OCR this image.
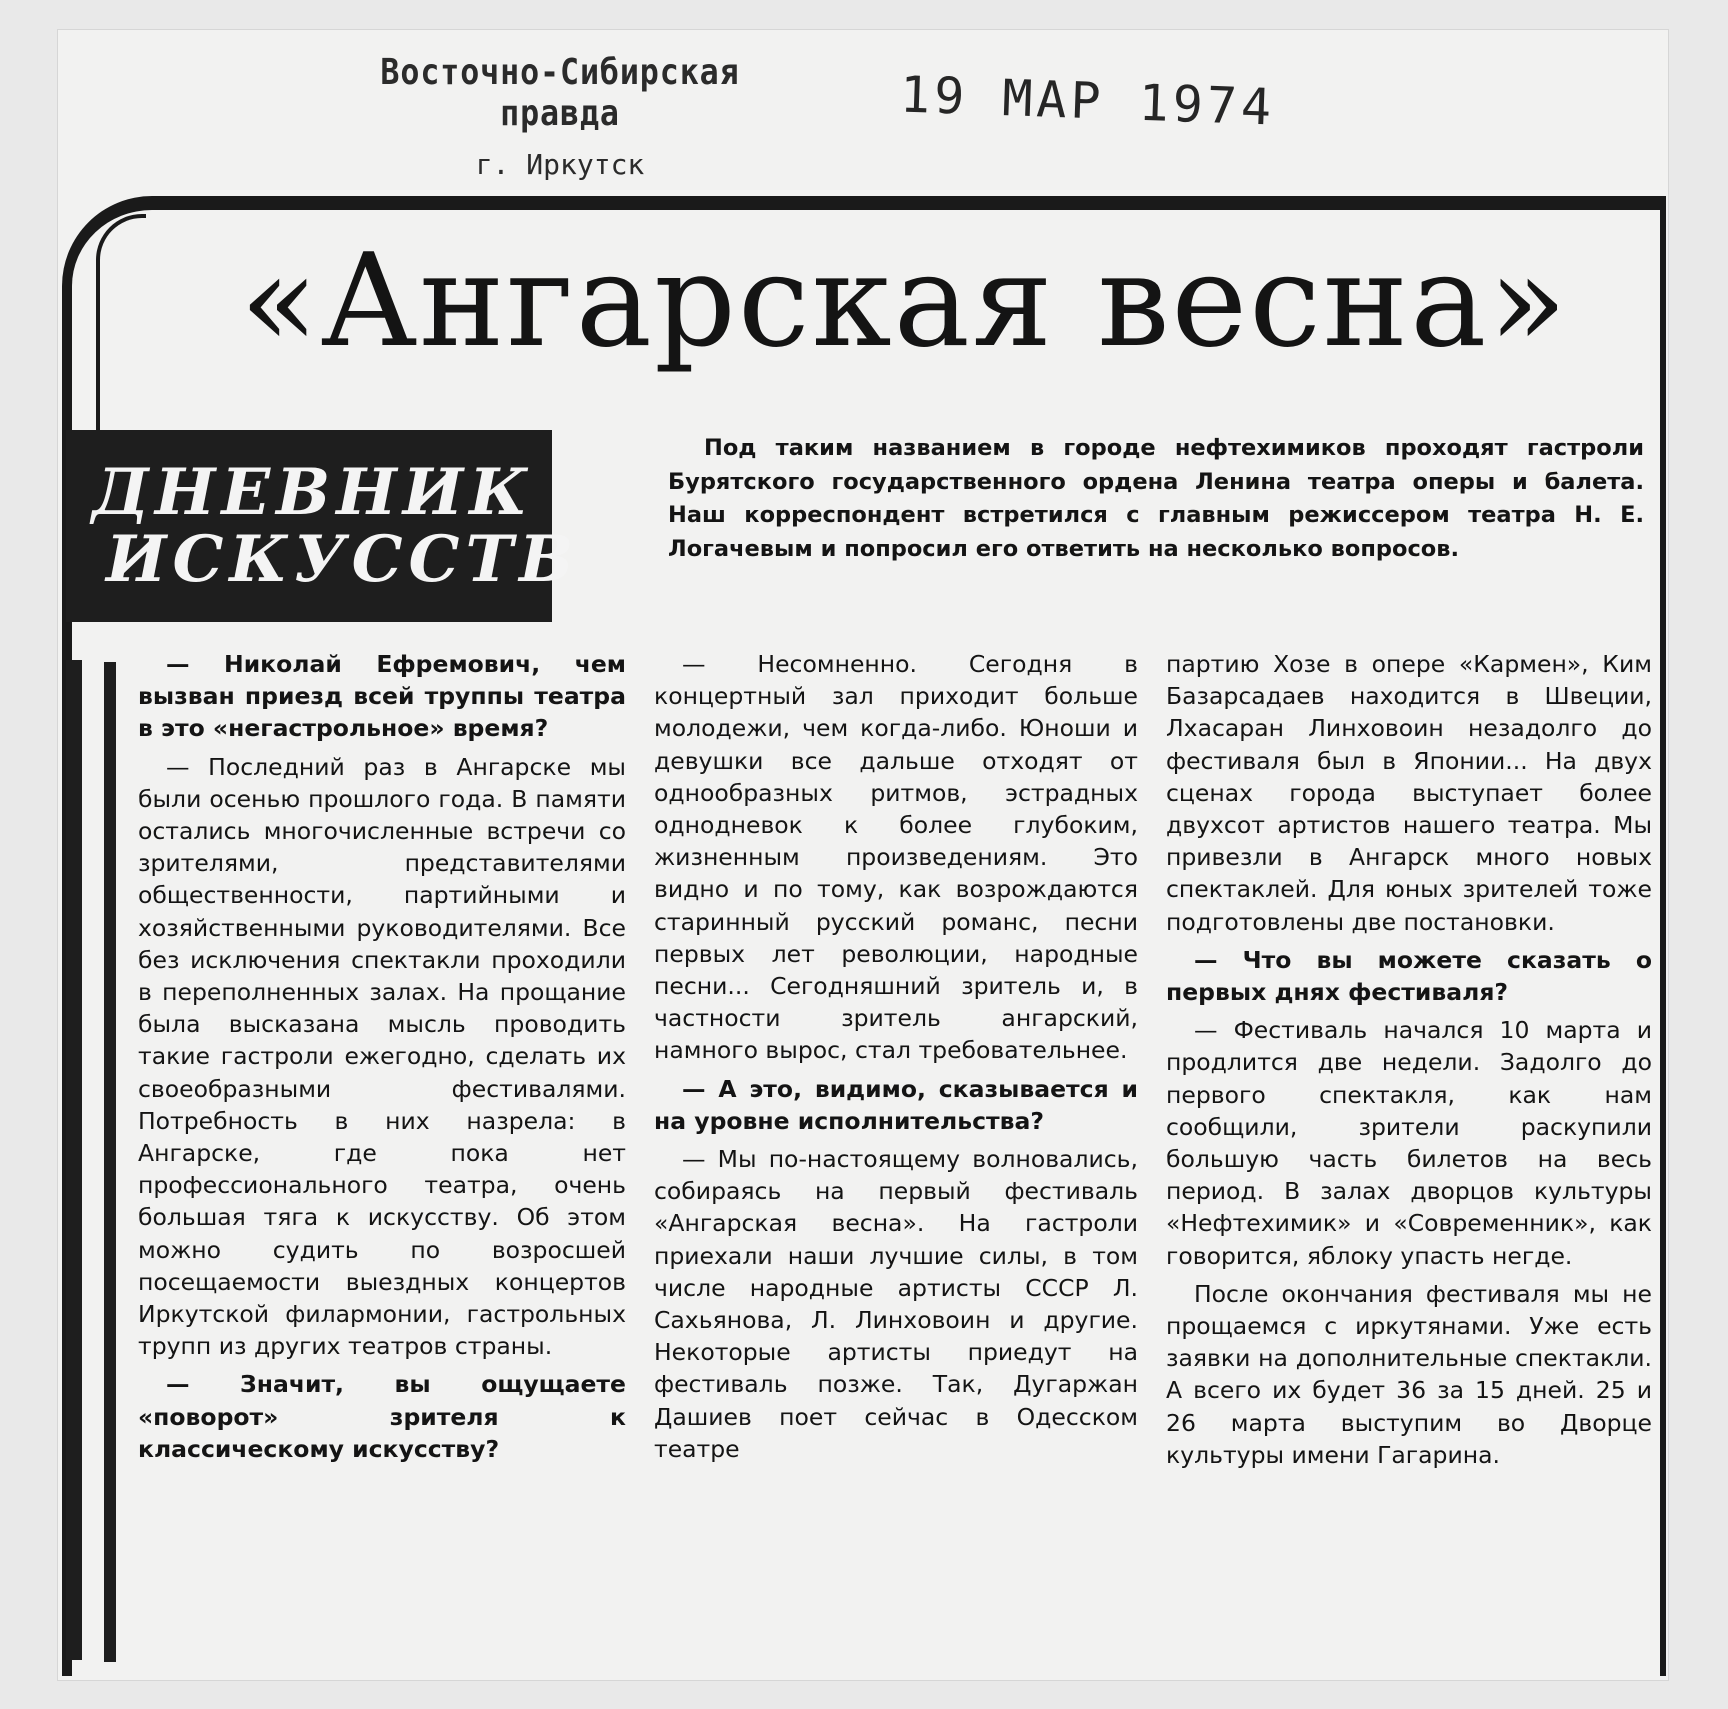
Восточно-Сибирская правда
г. Иркутск
19 МАР 1974
«Ангарская весна»
ДНЕВНИК
ИСКУССТВ

Под таким названием в городе нефтехимиков проходят гастроли Бурятского государственного ордена Ленина театра оперы и балета. Наш корреспондент встретился с главным режиссером театра Н. Е. Логачевым и попросил его ответить на несколько вопросов.

— Николай Ефремович, чем вызван приезд всей труппы театра в это «негастрольное» время?

— Последний раз в Ангарске мы были осенью прошлого года. В памяти остались многочисленные встречи со зрителями, представителями общественности, партийными и хозяйственными руководителями. Все без исключения спектакли проходили в переполненных залах. На прощание была высказана мысль проводить такие гастроли ежегодно, сделать их своеобразными фестивалями. Потребность в них назрела: в Ангарске, где пока нет профессионального театра, очень большая тяга к искусству. Об этом можно судить по возросшей посещаемости выездных концертов Иркутской филармонии, гастрольных трупп из других театров страны.

— Значит, вы ощущаете «поворот» зрителя к классическому искусству?

— Несомненно. Сегодня в концертный зал приходит больше молодежи, чем когда-либо. Юноши и девушки все дальше отходят от однообразных ритмов, эстрадных однодневок к более глубоким, жизненным произведениям. Это видно и по тому, как возрождаются старинный русский романс, песни первых лет революции, народные песни... Сегодняшний зритель и, в частности зритель ангарский, намного вырос, стал требовательнее.

— А это, видимо, сказывается и на уровне исполнительства?

— Мы по-настоящему волновались, собираясь на первый фестиваль «Ангарская весна». На гастроли приехали наши лучшие силы, в том числе народные артисты СССР Л. Сахьянова, Л. Линховоин и другие. Некоторые артисты приедут на фестиваль позже. Так, Дугаржан Дашиев поет сейчас в Одесском театре

партию Хозе в опере «Кармен», Ким Базарсадаев находится в Швеции, Лхасаран Линховоин незадолго до фестиваля был в Японии... На двух сценах города выступает более двухсот артистов нашего театра. Мы привезли в Ангарск много новых спектаклей. Для юных зрителей тоже подготовлены две постановки.

— Что вы можете сказать о первых днях фестиваля?

— Фестиваль начался 10 марта и продлится две недели. Задолго до первого спектакля, как нам сообщили, зрители раскупили большую часть билетов на весь период. В залах дворцов культуры «Нефтехимик» и «Современник», как говорится, яблоку упасть негде.

После окончания фестиваля мы не прощаемся с иркутянами. Уже есть заявки на дополнительные спектакли. А всего их будет 36 за 15 дней. 25 и 26 марта выступим во Дворце культуры имени Гагарина.
